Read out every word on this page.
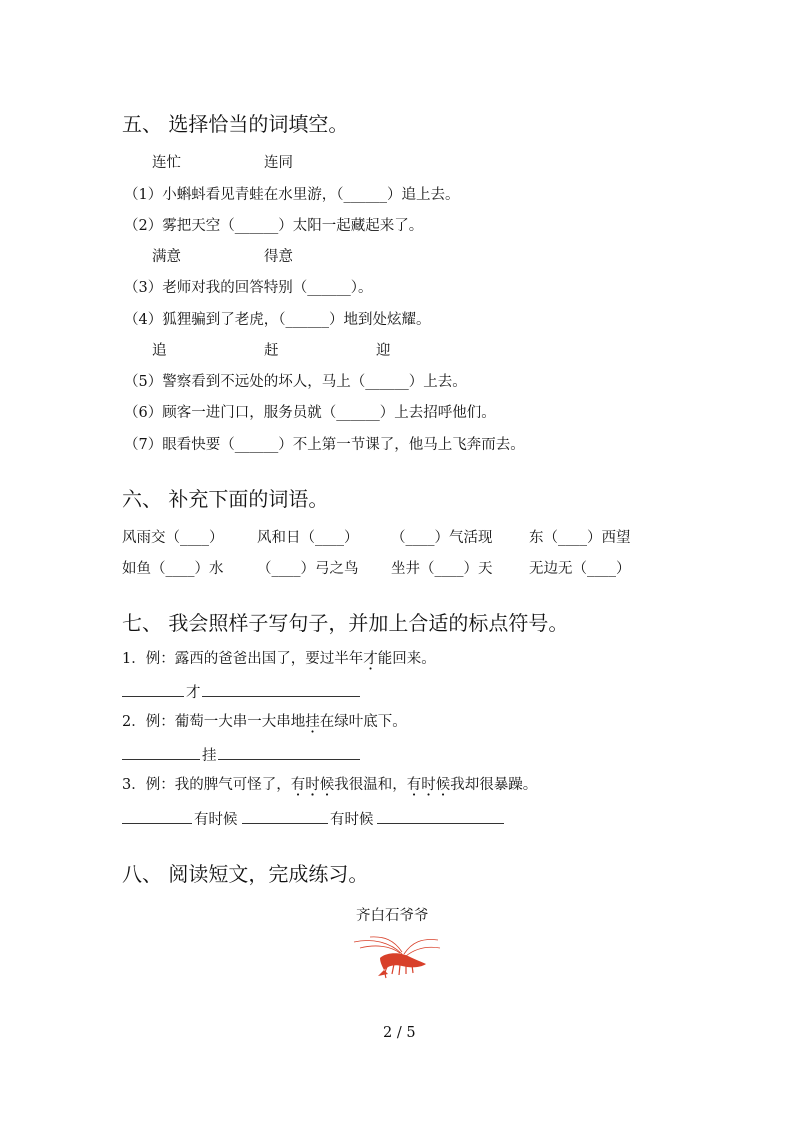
五、 选择恰当的词填空。
连忙	连同
（1）小蝌蚪看见青蛙在水里游，（______）追上去。
（2）雾把天空（______）太阳一起藏起来了。
满意	得意
（3）老师对我的回答特别（______）。
（4）狐狸骗到了老虎，（______）地到处炫耀。
追	赶	迎
（5）警察看到不远处的坏人，马上（______）上去。
（6）顾客一进门口，服务员就（______）上去招呼他们。
（7）眼看快要（______）不上第一节课了，他马上飞奔而去。
六、 补充下面的词语。
风雨交（____） 风和日（____） （____）气活现	东（____）西望
如鱼（____）水 （____）弓之鸟 坐井（____）天	无边无（____）
七、 我会照样子写句子，并加上合适的标点符号。
1．例：露西的爸爸出国了，要过半年才能回来。
才
2．例：葡萄一大串一大串地挂在绿叶底下。
挂
3．例：我的脾气可怪了，有时候我很温和，有时候我却很暴躁。
有时候	有时候
八、 阅读短文，完成练习。
齐白石爷爷
2 / 5
